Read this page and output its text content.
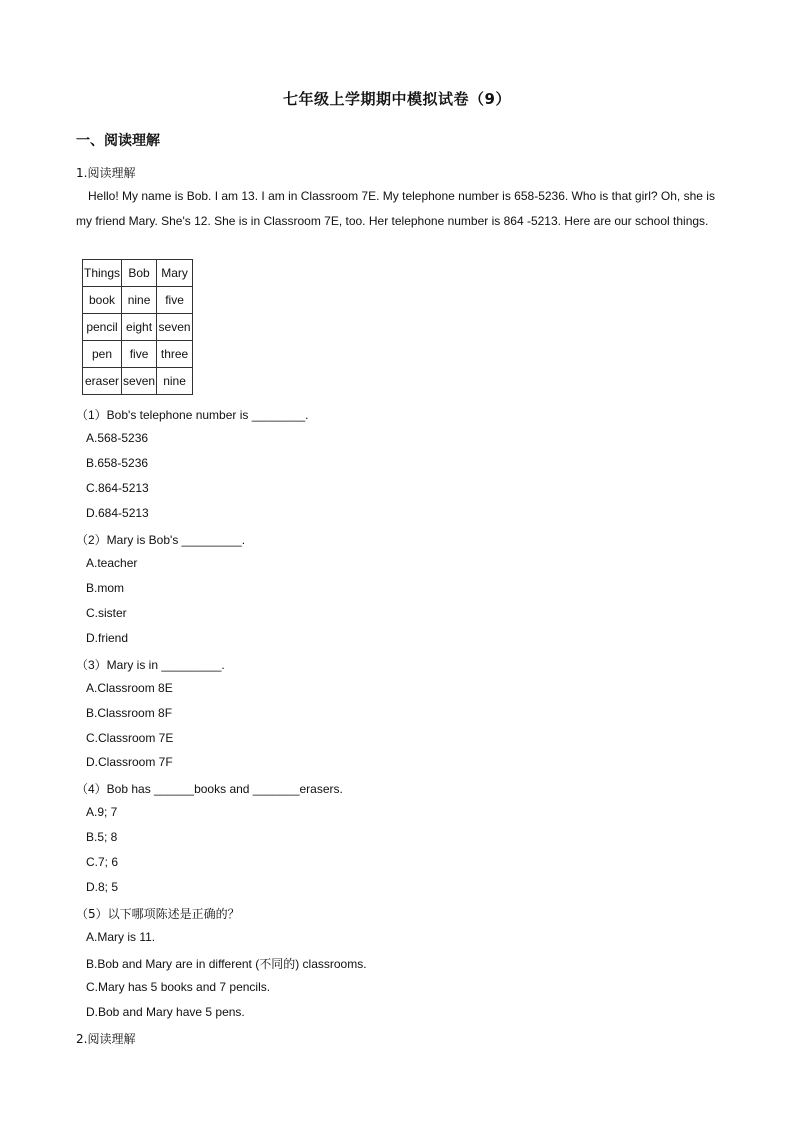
七年级上学期期中模拟试卷（9）
一、阅读理解
1.阅读理解
Hello! My name is Bob. I am 13. I am in Classroom 7E. My telephone number is 658-5236. Who is that girl? Oh, she is my friend Mary. She's 12. She is in Classroom 7E, too. Her telephone number is 864 -5213. Here are our school things.
Things	Bob	Mary
book	nine	five
pencil	eight	seven
pen	five	three
eraser	seven	nine
（1）Bob's telephone number is ________.
A.568-5236
B.658-5236
C.864-5213
D.684-5213
（2）Mary is Bob's _________.
A.teacher
B.mom
C.sister
D.friend
（3）Mary is in _________.
A.Classroom 8E
B.Classroom 8F
C.Classroom 7E
D.Classroom 7F
（4）Bob has ______books and _______erasers.
A.9; 7
B.5; 8
C.7; 6
D.8; 5
（5）以下哪项陈述是正确的？
A.Mary is 11.
B.Bob and Mary are in different (不同的) classrooms.
C.Mary has 5 books and 7 pencils.
D.Bob and Mary have 5 pens.
2.阅读理解
